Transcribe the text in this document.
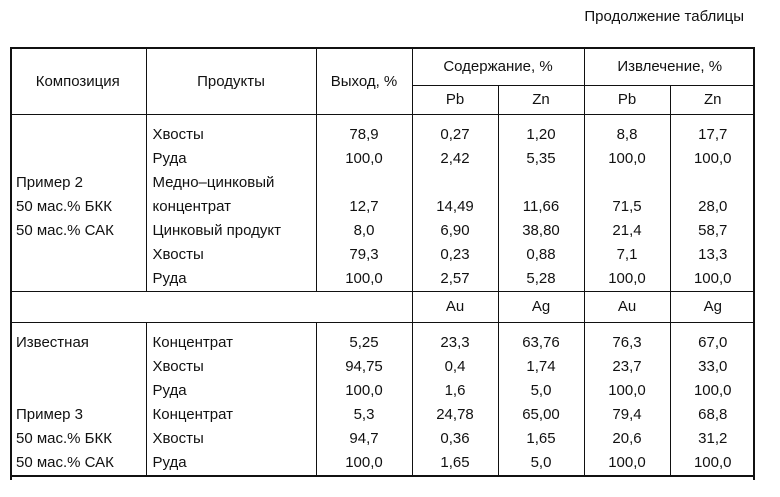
Продолжение таблицы
Композиция	Продукты	Выход, %	Содержание, %		Извлечение, %	
			Pb	Zn	Pb	Zn
	Хвосты	78,9	0,27	1,20	8,8	17,7
	Руда	100,0	2,42	5,35	100,0	100,0
Пример 2	Медно–цинковый					
50 мас.% БКК	концентрат	12,7	14,49	11,66	71,5	28,0
50 мас.% САК	Цинковый продукт	8,0	6,90	38,80	21,4	58,7
	Хвосты	79,3	0,23	0,88	7,1	13,3
	Руда	100,0	2,57	5,28	100,0	100,0
			Au	Ag	Au	Ag
Известная	Концентрат	5,25	23,3	63,76	76,3	67,0
	Хвосты	94,75	0,4	1,74	23,7	33,0
	Руда	100,0	1,6	5,0	100,0	100,0
Пример 3	Концентрат	5,3	24,78	65,00	79,4	68,8
50 мас.% БКК	Хвосты	94,7	0,36	1,65	20,6	31,2
50 мас.% САК	Руда	100,0	1,65	5,0	100,0	100,0
